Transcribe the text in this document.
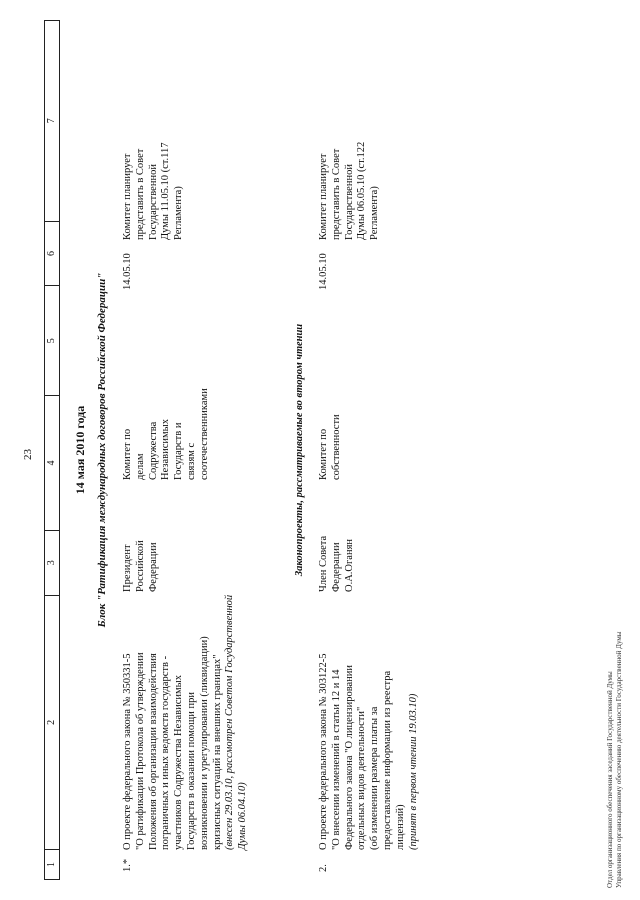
23
1
2
3
4
5
6
7
14 мая 2010 года Блок "Ратификация международных договоров Российской Федерации"
1.*
О проекте федерального закона № 350331-5 "О ратификации Протокола об утверждении Положения об организации взаимодействия пограничных и иных ведомств государств - участников Содружества Независимых Государств в оказании помощи при возникновении и урегулировании (ликвидации) кризисных ситуаций на внешних границах" (внесен 29.03.10, рассмотрен Советом Государственной Думы 06.04.10)
Президент Российской Федерации
Комитет по делам Содружества Независимых Государств и связям с соотечественниками
14.05.10
Комитет планирует представить в Совет Государственной Думы 11.05.10 (ст.117 Регламента)
Законопроекты, рассматриваемые во втором чтении
2.
О проекте федерального закона № 303122-5 "О внесении изменений в статьи 12 и 14 Федерального закона "О лицензировании отдельных видов деятельности" (об изменении размера платы за предоставление информации из реестра лицензий) (принят в первом чтении 19.03.10)
Член Совета Федерации О.А.Оганян
Комитет по собственности
14.05.10
Комитет планирует представить в Совет Государственной Думы 06.05.10 (ст.122 Регламента)
Отдел организационного обеспечения заседаний Государственной Думы Управления по организационному обеспечению деятельности Государственной Думы
